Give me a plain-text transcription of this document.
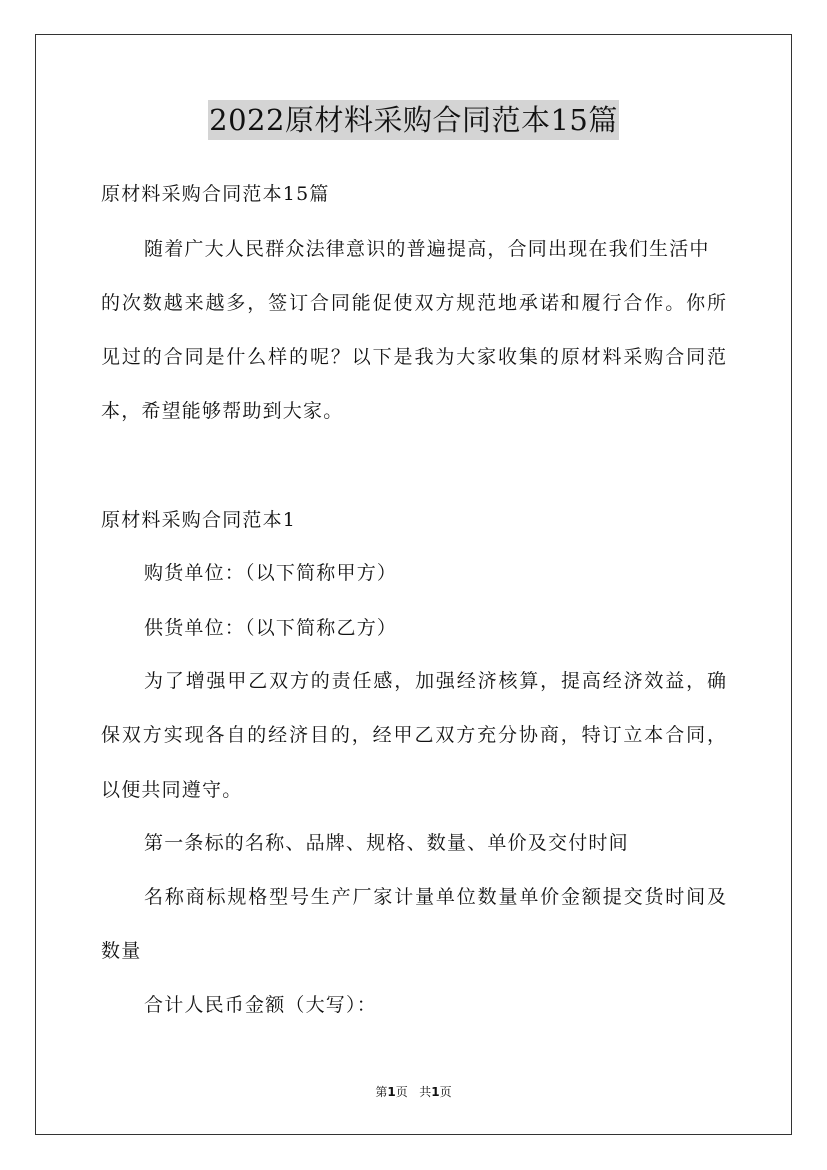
2022原材料采购合同范本15篇
原材料采购合同范本15篇
随着广大人民群众法律意识的普遍提高，合同出现在我们生活中
的次数越来越多，签订合同能促使双方规范地承诺和履行合作。你所
见过的合同是什么样的呢？以下是我为大家收集的原材料采购合同范
本，希望能够帮助到大家。
原材料采购合同范本1
购货单位：（以下简称甲方）
供货单位：（以下简称乙方）
为了增强甲乙双方的责任感，加强经济核算，提高经济效益，确
保双方实现各自的经济目的，经甲乙双方充分协商，特订立本合同，
以便共同遵守。
第一条标的名称、品牌、规格、数量、单价及交付时间
名称商标规格型号生产厂家计量单位数量单价金额提交货时间及
数量
合计人民币金额（大写）：
第1页 共1页
